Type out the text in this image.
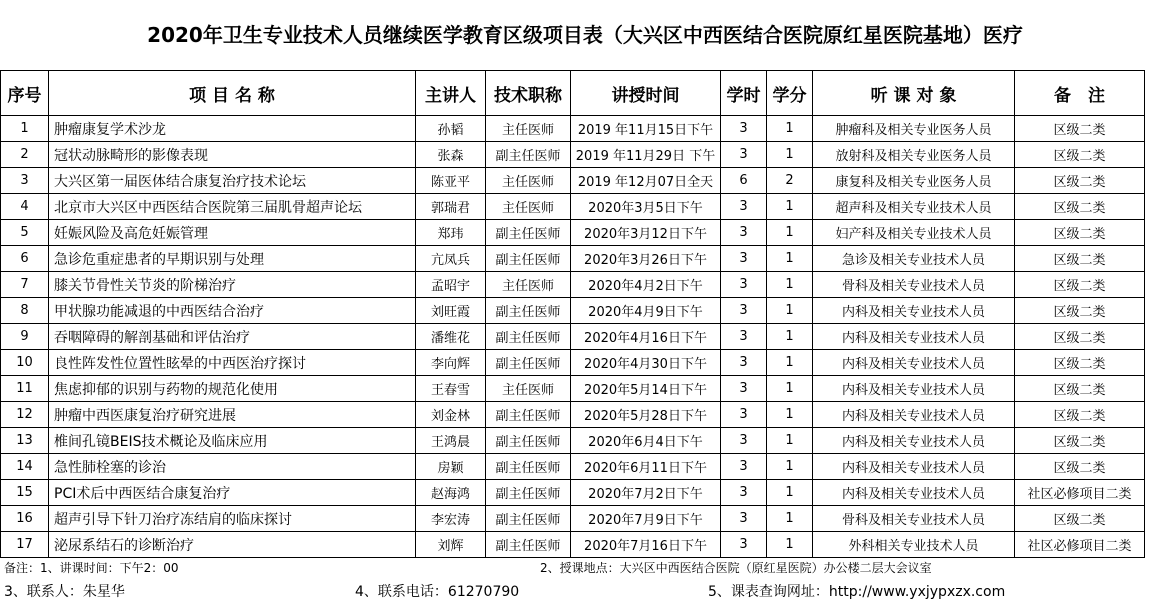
2020年卫生专业技术人员继续医学教育区级项目表（大兴区中西医结合医院原红星医院基地）医疗
序号	项 目 名 称	主讲人	技术职称	讲授时间	学时	学分	听 课 对 象	备　注
1	肿瘤康复学术沙龙	孙韬	主任医师	2019 年11月15日下午	3	1	肿瘤科及相关专业医务人员	区级二类
2	冠状动脉畸形的影像表现	张森	副主任医师	2019 年11月29日 下午	3	1	放射科及相关专业医务人员	区级二类
3	大兴区第一届医体结合康复治疗技术论坛	陈亚平	主任医师	2019 年12月07日全天	6	2	康复科及相关专业医务人员	区级二类
4	北京市大兴区中西医结合医院第三届肌骨超声论坛	郭瑞君	主任医师	2020年3月5日下午	3	1	超声科及相关专业技术人员	区级二类
5	妊娠风险及高危妊娠管理	郑玮	副主任医师	2020年3月12日下午	3	1	妇产科及相关专业技术人员	区级二类
6	急诊危重症患者的早期识别与处理	亢凤兵	副主任医师	2020年3月26日下午	3	1	急诊及相关专业技术人员	区级二类
7	膝关节骨性关节炎的阶梯治疗	孟昭宇	主任医师	2020年4月2日下午	3	1	骨科及相关专业技术人员	区级二类
8	甲状腺功能减退的中西医结合治疗	刘旺霞	副主任医师	2020年4月9日下午	3	1	内科及相关专业技术人员	区级二类
9	吞咽障碍的解剖基础和评估治疗	潘维花	副主任医师	2020年4月16日下午	3	1	内科及相关专业技术人员	区级二类
10	良性阵发性位置性眩晕的中西医治疗探讨	李向辉	副主任医师	2020年4月30日下午	3	1	内科及相关专业技术人员	区级二类
11	焦虑抑郁的识别与药物的规范化使用	王春雪	主任医师	2020年5月14日下午	3	1	内科及相关专业技术人员	区级二类
12	肿瘤中西医康复治疗研究进展	刘金林	副主任医师	2020年5月28日下午	3	1	内科及相关专业技术人员	区级二类
13	椎间孔镜BEIS技术概论及临床应用	王鸿晨	副主任医师	2020年6月4日下午	3	1	内科及相关专业技术人员	区级二类
14	急性肺栓塞的诊治	房颖	副主任医师	2020年6月11日下午	3	1	内科及相关专业技术人员	区级二类
15	PCI术后中西医结合康复治疗	赵海鸿	副主任医师	2020年7月2日下午	3	1	内科及相关专业技术人员	社区必修项目二类
16	超声引导下针刀治疗冻结肩的临床探讨	李宏涛	副主任医师	2020年7月9日下午	3	1	骨科及相关专业技术人员	区级二类
17	泌尿系结石的诊断治疗	刘辉	副主任医师	2020年7月16日下午	3	1	外科相关专业技术人员	社区必修项目二类
备注：1、讲课时间：下午2：00	2、授课地点：大兴区中西医结合医院（原红星医院）办公楼二层大会议室
3、联系人：朱星华	4、联系电话：61270790	5、课表查询网址：http://www.yxjypxzx.com
